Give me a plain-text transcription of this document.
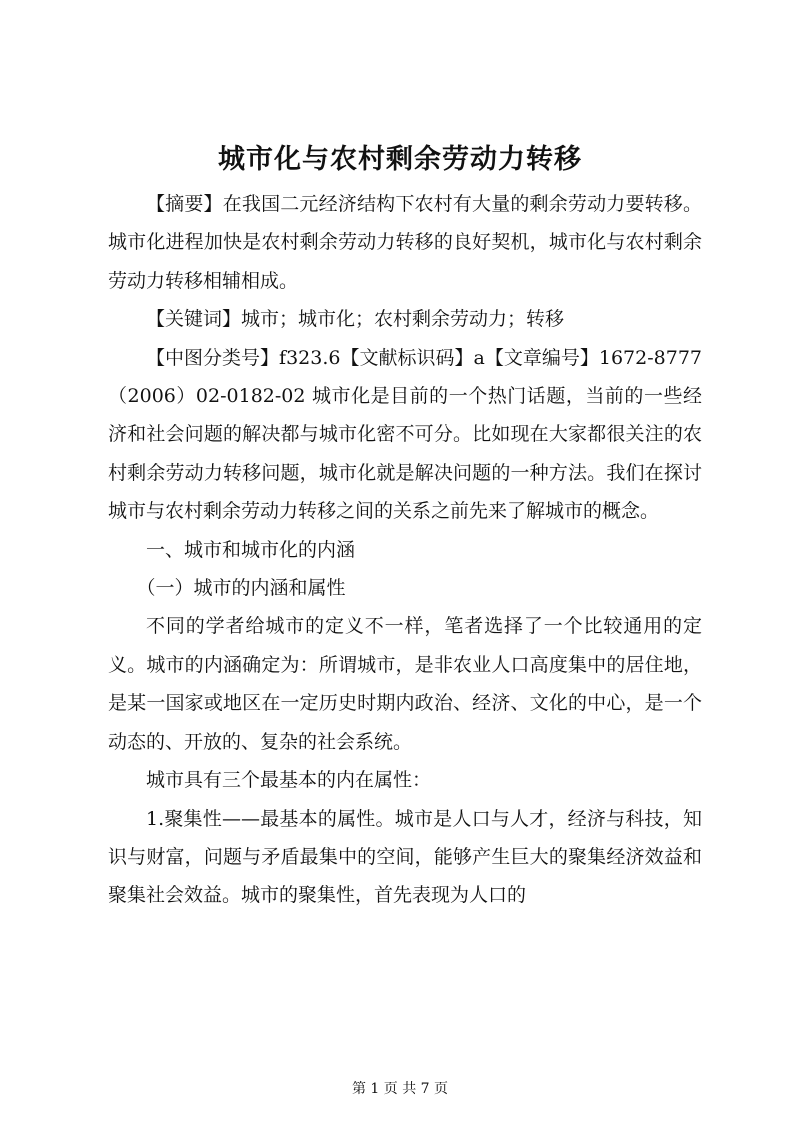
城市化与农村剩余劳动力转移

【摘要】在我国二元经济结构下农村有大量的剩余劳动力要转移。城市化进程加快是农村剩余劳动力转移的良好契机，城市化与农村剩余劳动力转移相辅相成。

【关键词】城市；城市化；农村剩余劳动力；转移

【中图分类号】f323.6【文献标识码】a【文章编号】1672-8777（2006）02-0182-02 城市化是目前的一个热门话题，当前的一些经济和社会问题的解决都与城市化密不可分。比如现在大家都很关注的农村剩余劳动力转移问题，城市化就是解决问题的一种方法。我们在探讨城市与农村剩余劳动力转移之间的关系之前先来了解城市的概念。

一、城市和城市化的内涵

（一）城市的内涵和属性

不同的学者给城市的定义不一样，笔者选择了一个比较通用的定义。城市的内涵确定为：所谓城市，是非农业人口高度集中的居住地，是某一国家或地区在一定历史时期内政治、经济、文化的中心，是一个动态的、开放的、复杂的社会系统。

城市具有三个最基本的内在属性：

1.聚集性——最基本的属性。城市是人口与人才，经济与科技，知识与财富，问题与矛盾最集中的空间，能够产生巨大的聚集经济效益和聚集社会效益。城市的聚集性，首先表现为人口的

第 1 页 共 7 页
